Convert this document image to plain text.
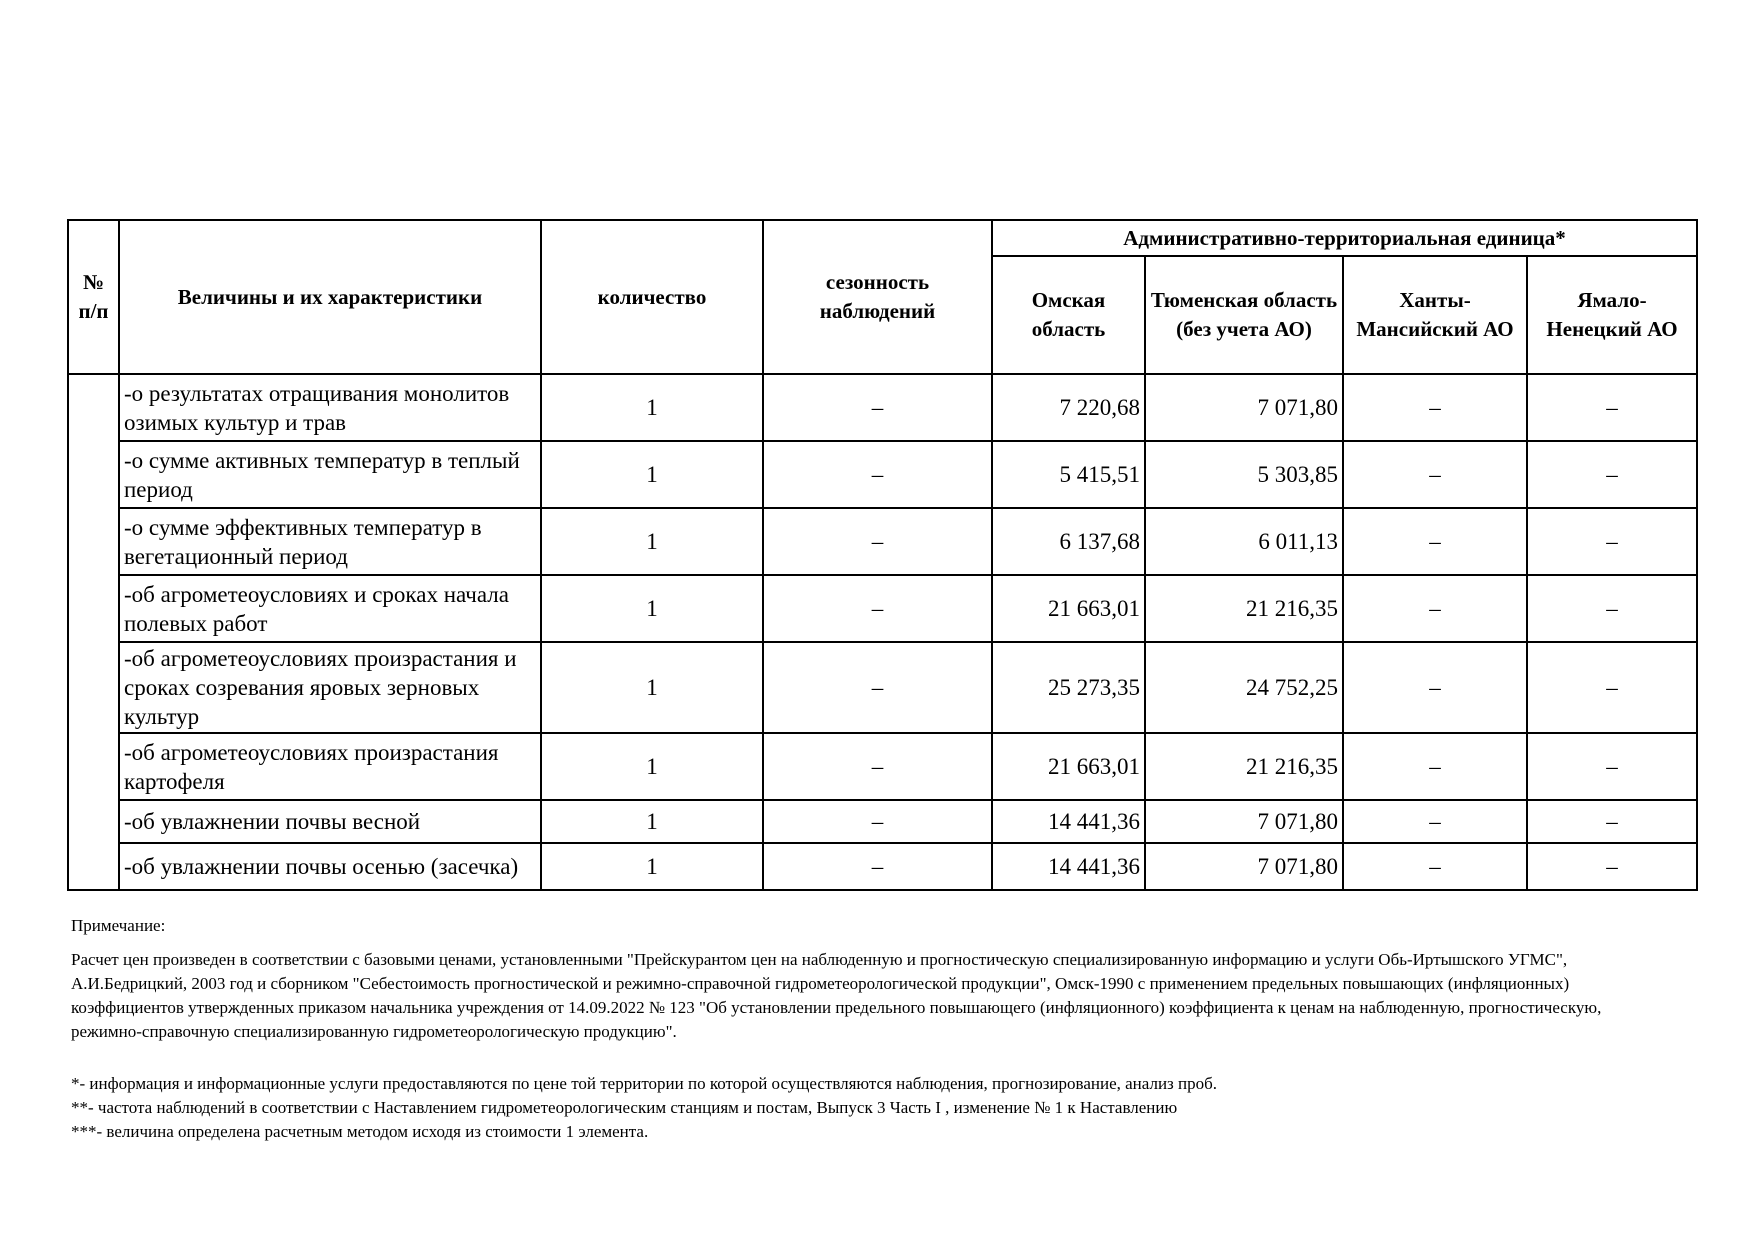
№ п/п	Величины и их характеристики	количество	сезонность наблюдений	Административно-территориальная единица*			
				Омская область	Тюменская область (без учета АО)	Ханты-Мансийский АО	Ямало-Ненецкий АО
	-о результатах отращивания монолитов озимых культур и трав	1	–	7 220,68	7 071,80	–	–
	-о сумме активных температур в теплый период	1	–	5 415,51	5 303,85	–	–
	-о сумме эффективных температур в вегетационный период	1	–	6 137,68	6 011,13	–	–
	-об агрометеоусловиях и сроках начала полевых работ	1	–	21 663,01	21 216,35	–	–
	-об агрометеоусловиях произрастания и сроках созревания яровых зерновых культур	1	–	25 273,35	24 752,25	–	–
	-об агрометеоусловиях произрастания картофеля	1	–	21 663,01	21 216,35	–	–
	-об увлажнении почвы весной	1	–	14 441,36	7 071,80	–	–
	-об увлажнении почвы осенью (засечка)	1	–	14 441,36	7 071,80	–	–

Примечание:

Расчет цен произведен в соответствии с базовыми ценами, установленными "Прейскурантом цен на наблюденную и прогностическую специализированную информацию и услуги Обь-Иртышского УГМС", А.И.Бедрицкий, 2003 год и сборником "Себестоимость прогностической и режимно-справочной гидрометеорологической продукции", Омск-1990 с применением предельных повышающих (инфляционных) коэффициентов утвержденных приказом начальника учреждения от 14.09.2022 № 123 "Об установлении предельного повышающего (инфляционного) коэффициента к ценам на наблюденную, прогностическую, режимно-справочную специализированную гидрометеорологическую продукцию".

*- информация и информационные услуги предоставляются по цене той территории по которой осуществляются наблюдения, прогнозирование, анализ проб.

**- частота наблюдений в соответствии с Наставлением гидрометеорологическим станциям и постам, Выпуск 3 Часть I , изменение № 1 к Наставлению

***- величина определена расчетным методом исходя из стоимости 1 элемента.
